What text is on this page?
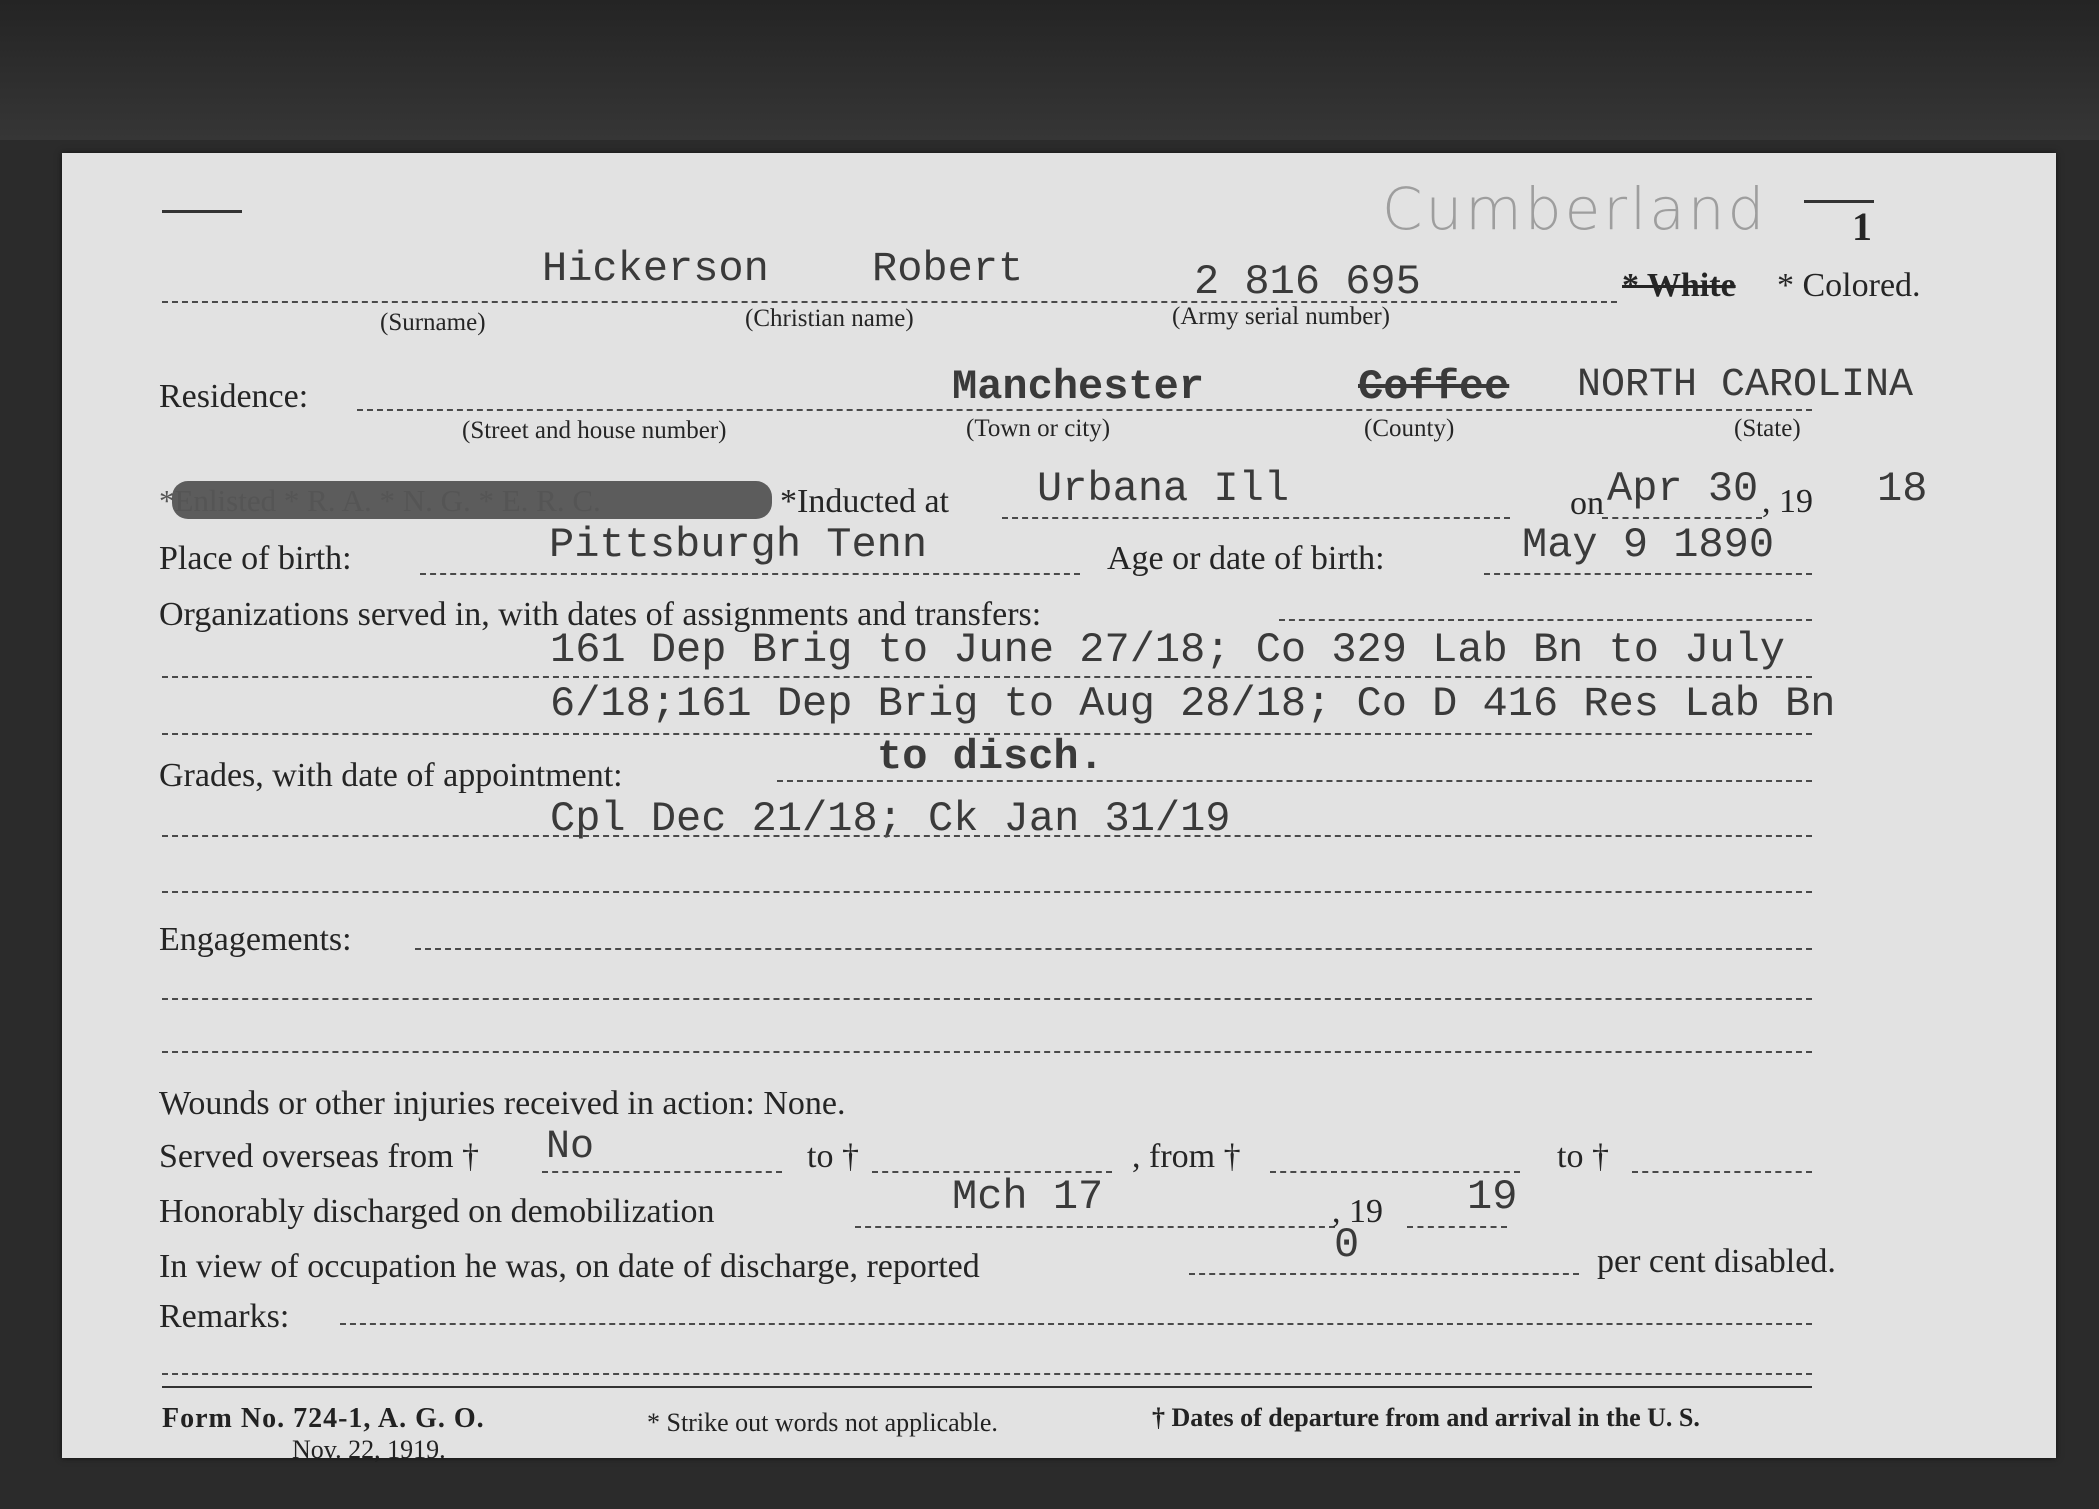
Cumberland 1
Hickerson Robert	2 816 695	* White * Colored.
(Surname)	(Christian name)	(Army serial number)
Residence:	Manchester	Coffee NORTH CAROLINA
(Street and house number)	(Town or city)	(County)	(State)
*Enlisted * R. A. * N. G. * E. R. C.	*Inducted at Urbana Ill	on Apr 30 , 19 18
Place of birth:	Pittsburgh Tenn	Age or date of birth:	May 9 1890
Organizations served in, with dates of assignments and transfers:
161 Dep Brig to June 27/18; Co 329 Lab Bn to July
6/18;161 Dep Brig to Aug 28/18; Co D 416 Res Lab Bn
to disch.
Grades, with date of appointment:
Cpl Dec 21/18; Ck Jan 31/19
Engagements:
Wounds or other injuries received in action: None.
Served overseas from † No	to †	, from †	to †
Honorably discharged on demobilization	Mch 17	, 19 19
In view of occupation he was, on date of discharge, reported	0	per cent disabled.
Remarks:
Form No. 724-1, A. G. O.
Nov. 22, 1919.
* Strike out words not applicable.	† Dates of departure from and arrival in the U. S.
